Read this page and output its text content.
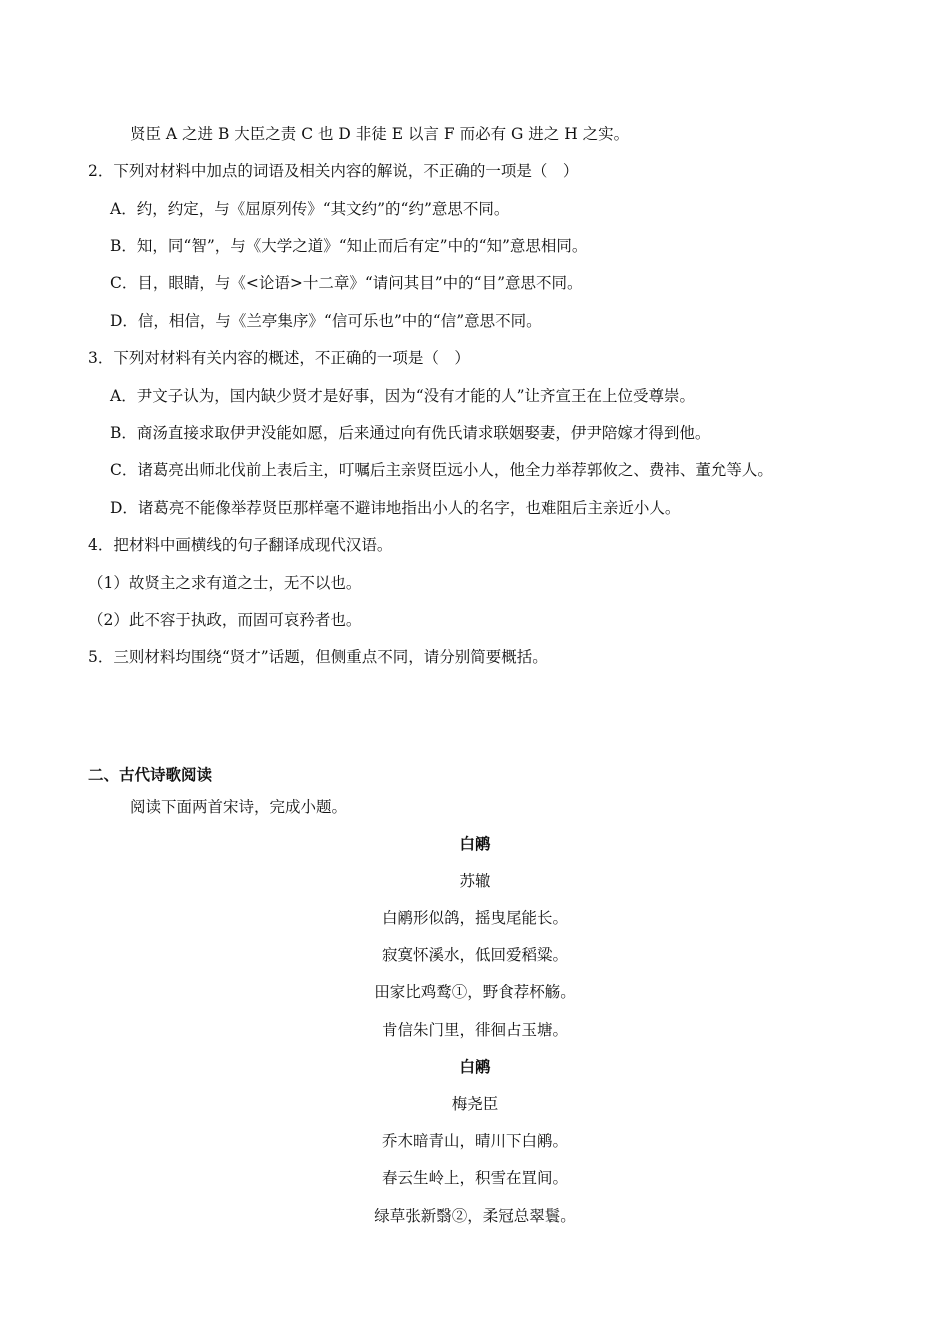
贤臣 A 之进 B 大臣之责 C 也 D 非徒 E 以言 F 而必有 G 进之 H 之实。
2．下列对材料中加点的词语及相关内容的解说，不正确的一项是（　）
A．约，约定，与《屈原列传》“其文约”的“约”意思不同。
B．知，同“智”，与《大学之道》“知止而后有定”中的“知”意思相同。
C．目，眼睛，与《<论语>十二章》“请问其目”中的“目”意思不同。
D．信，相信，与《兰亭集序》“信可乐也”中的“信”意思不同。
3．下列对材料有关内容的概述，不正确的一项是（　）
A．尹文子认为，国内缺少贤才是好事，因为“没有才能的人”让齐宣王在上位受尊崇。
B．商汤直接求取伊尹没能如愿，后来通过向有侁氏请求联姻娶妻，伊尹陪嫁才得到他。
C．诸葛亮出师北伐前上表后主，叮嘱后主亲贤臣远小人，他全力举荐郭攸之、费祎、董允等人。
D．诸葛亮不能像举荐贤臣那样毫不避讳地指出小人的名字，也难阻后主亲近小人。
4．把材料中画横线的句子翻译成现代汉语。
（1）故贤主之求有道之士，无不以也。
（2）此不容于执政，而固可哀矜者也。
5．三则材料均围绕“贤才”话题，但侧重点不同，请分别简要概括。
二、古代诗歌阅读
阅读下面两首宋诗，完成小题。
白鹇
苏辙
白鹇形似鸽，摇曳尾能长。
寂寞怀溪水，低回爱稻粱。
田家比鸡鹜①，野食荐杯觞。
肯信朱门里，徘徊占玉塘。
白鹇
梅尧臣
乔木暗青山，晴川下白鹇。
春云生岭上，积雪在罝间。
绿草张新翳②，柔冠总翠鬟。
